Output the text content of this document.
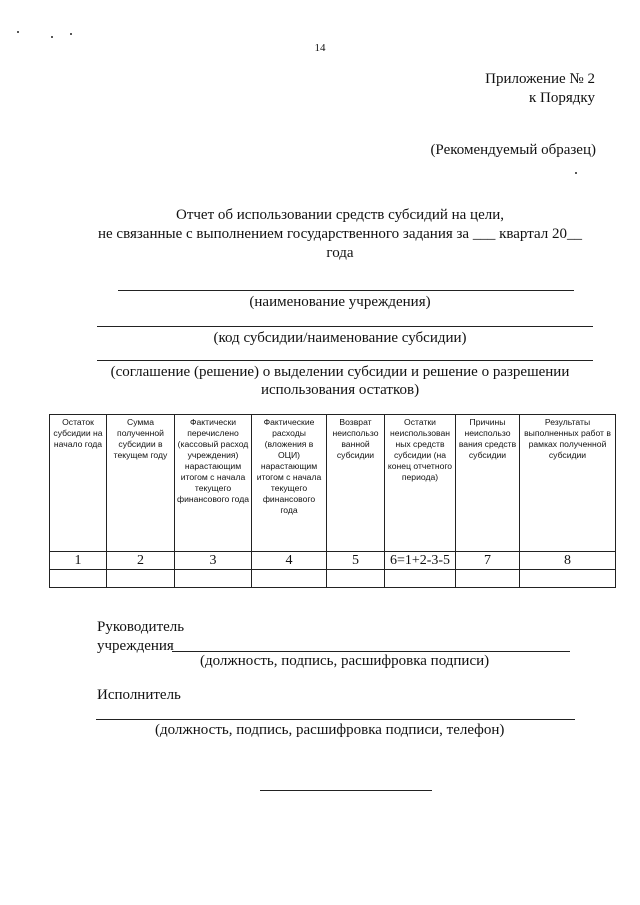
14
Приложение № 2
к Порядку
(Рекомендуемый образец)
Отчет об использовании средств субсидий на цели,
не связанные с выполнением государственного задания за ___ квартал 20__
года
(наименование учреждения)
(код субсидии/наименование субсидии)
(соглашение (решение) о выделении субсидии и решение о разрешении
использования остатков)
Остаток субсидии на начало года	Сумма полученной субсидии в текущем году	Фактически перечислено (кассовый расход учреждения) нарастающим итогом с начала текущего финансового года	Фактические расходы (вложения в ОЦИ) нарастающим итогом с начала текущего финансового года	Возврат неиспользо ванной субсидии	Остатки неиспользован ных средств субсидии (на конец отчетного периода)	Причины неиспользо вания средств субсидии	Результаты выполненных работ в рамках полученной субсидии
1	2	3	4	5	6=1+2-3-5	7	8

Руководитель
учреждения
(должность, подпись, расшифровка подписи)
Исполнитель
(должность, подпись, расшифровка подписи, телефон)
